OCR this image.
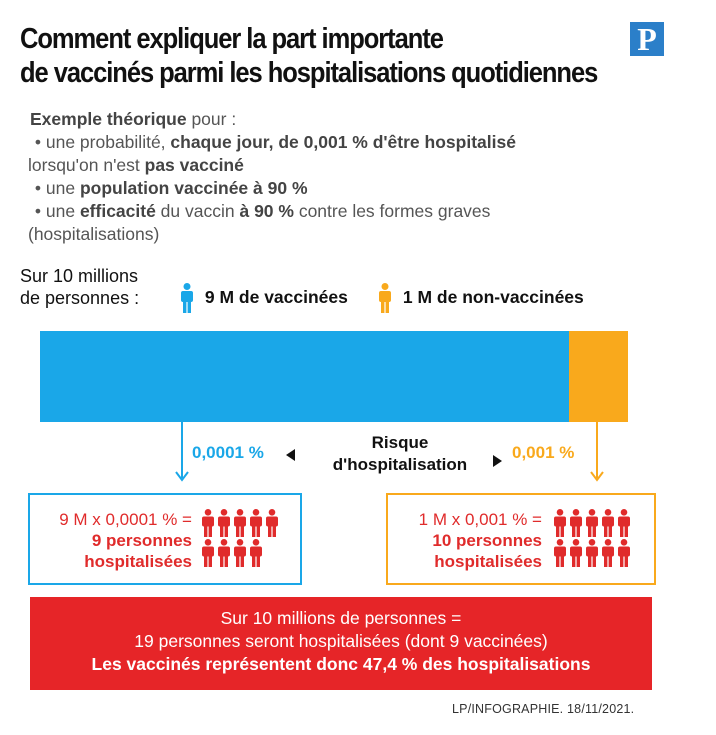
Comment expliquer la part importante
de vaccinés parmi les hospitalisations quotidiennes
P
Exemple théorique pour :
• une probabilité, chaque jour, de 0,001 % d'être hospitalisé
lorsqu'on n'est pas vacciné
• une population vaccinée à 90 %
• une efficacité du vaccin à 90 % contre les formes graves
(hospitalisations)
Sur 10 millions
de personnes :	9 M de vaccinées	1 M de non-vaccinées
0,0001 %
Risque
d'hospitalisation
0,001 %
9 M x 0,0001 % =
9 personnes
hospitalisées
1 M x 0,001 % =
10 personnes
hospitalisées
Sur 10 millions de personnes =
19 personnes seront hospitalisées (dont 9 vaccinées)
Les vaccinés représentent donc 47,4 % des hospitalisations
LP/INFOGRAPHIE. 18/11/2021.
